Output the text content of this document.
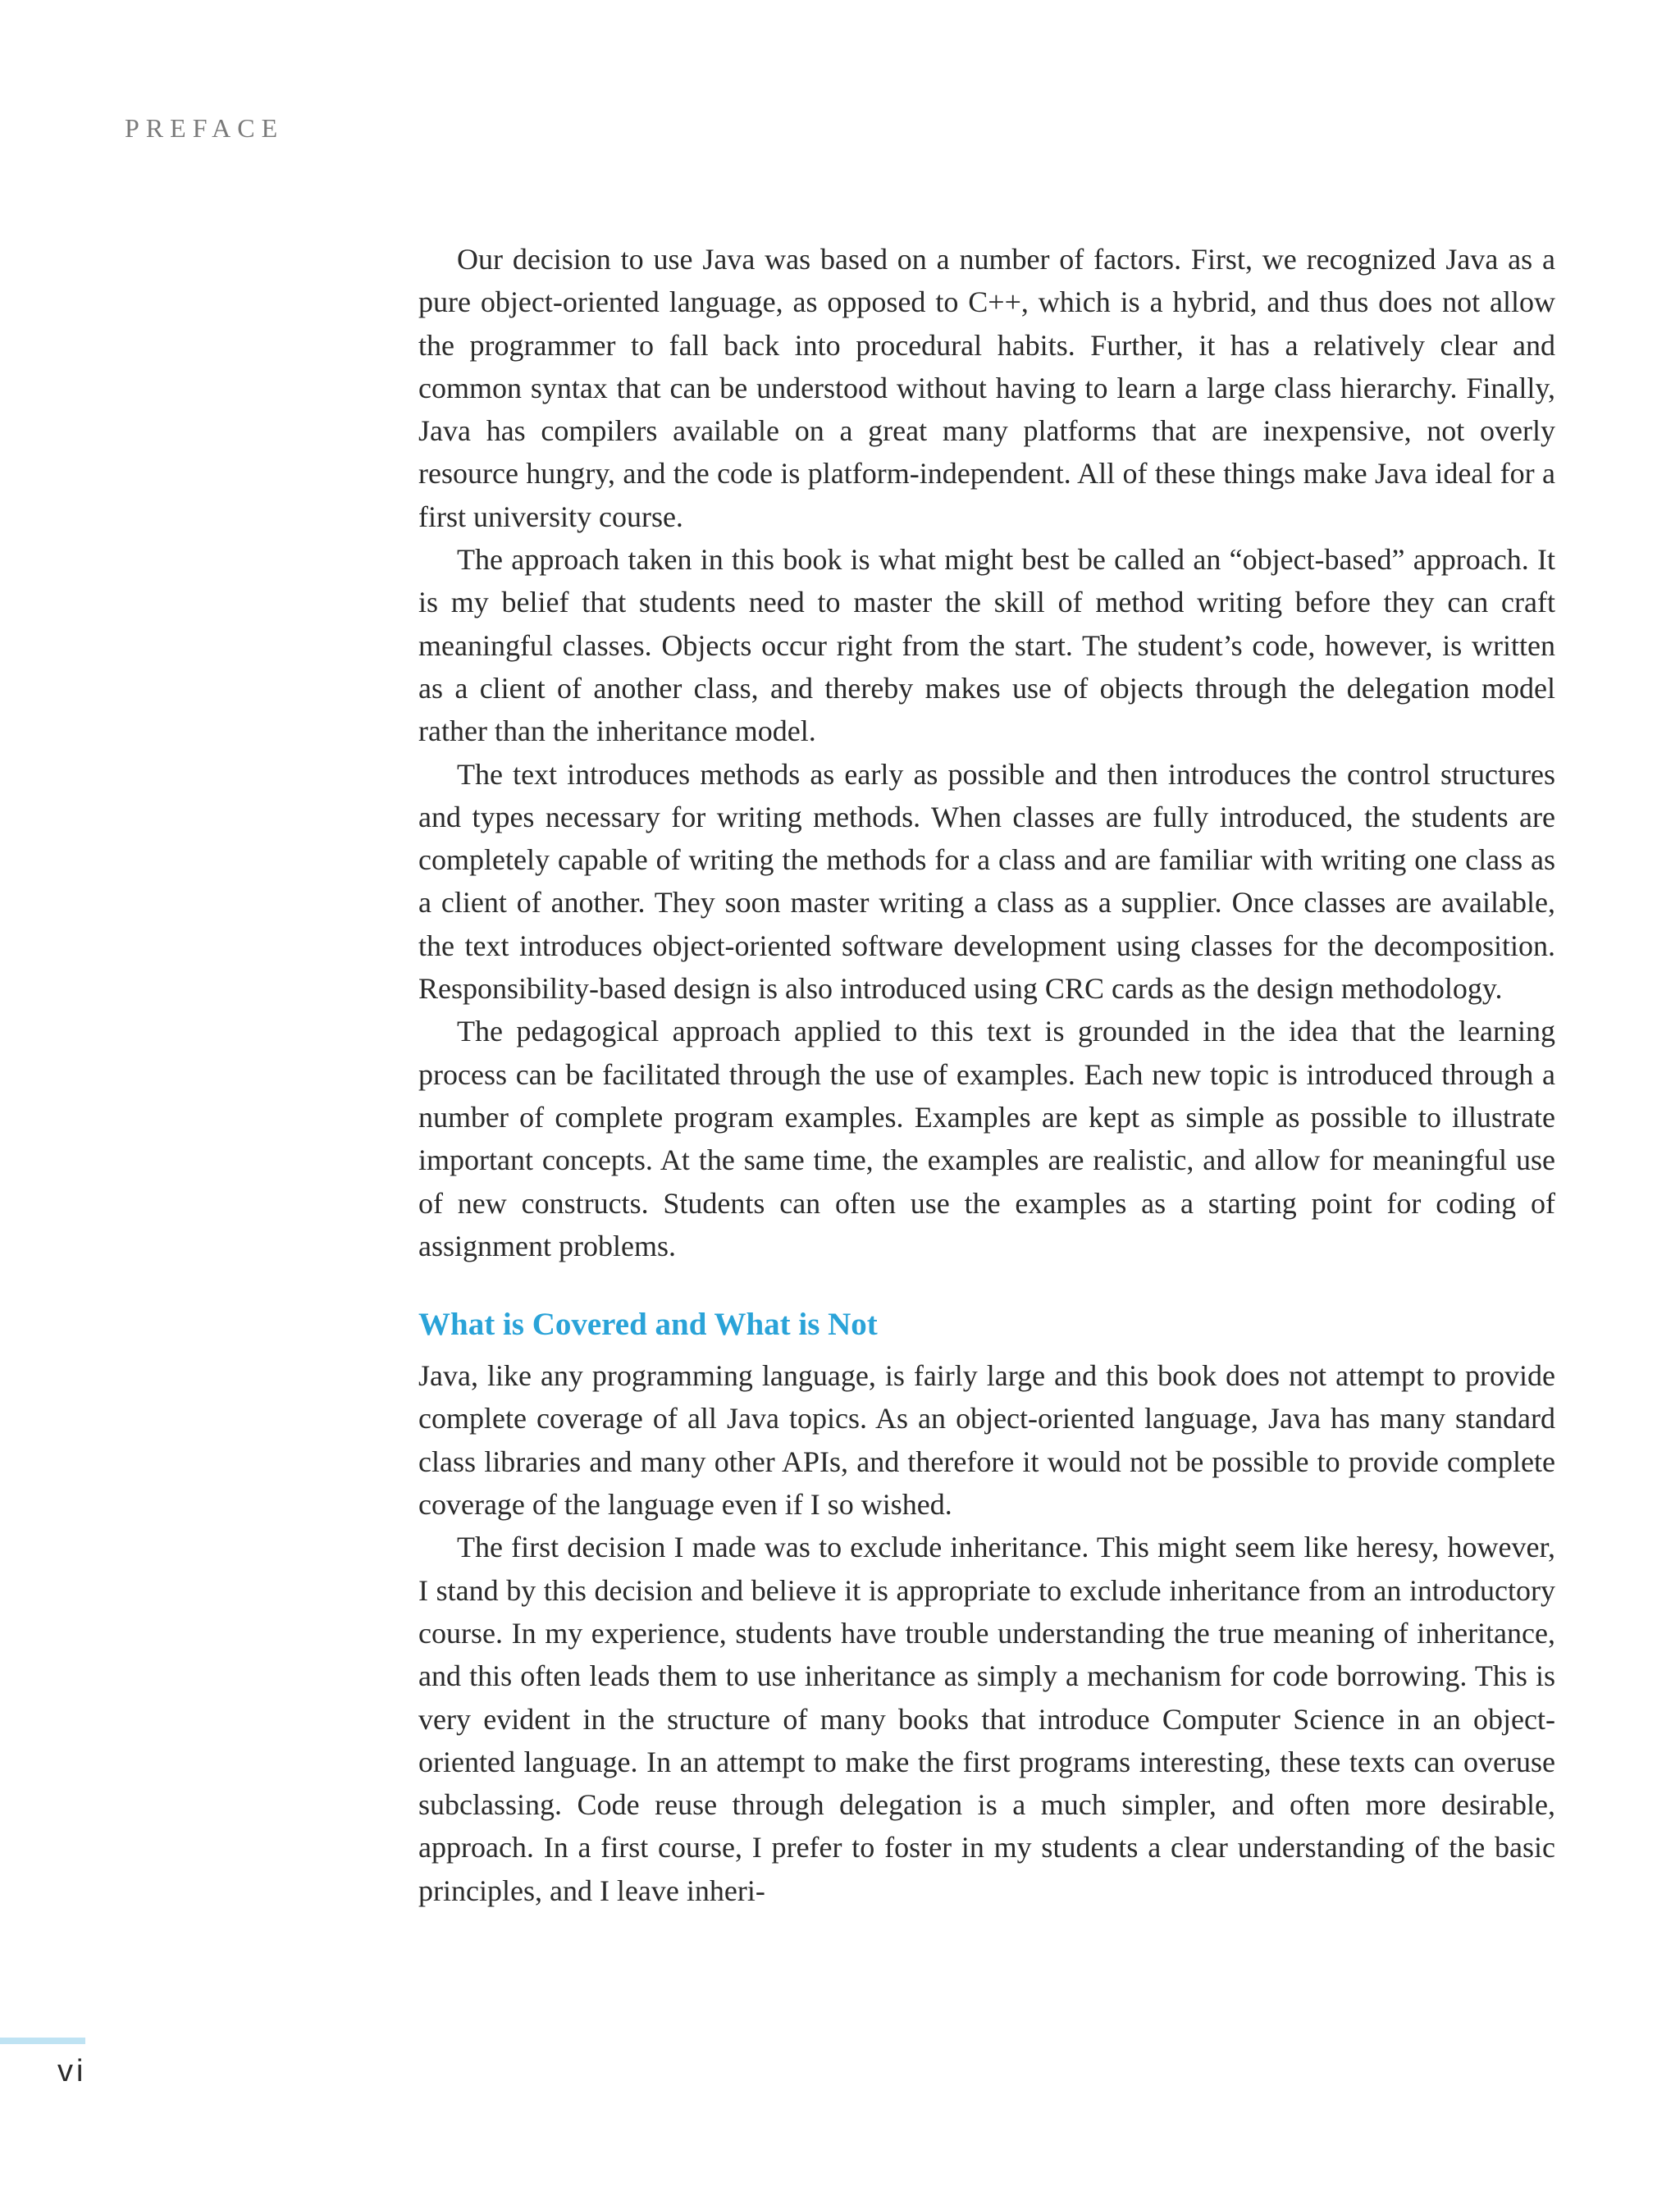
PREFACE

Our decision to use Java was based on a number of factors. First, we recognized Java as a pure object-oriented language, as opposed to C++, which is a hybrid, and thus does not allow the programmer to fall back into procedural habits. Further, it has a relatively clear and common syntax that can be understood without having to learn a large class hierarchy. Finally, Java has compilers available on a great many platforms that are inexpensive, not overly resource hungry, and the code is platform-independent. All of these things make Java ideal for a first university course.

The approach taken in this book is what might best be called an “object-based” approach. It is my belief that students need to master the skill of method writing before they can craft meaningful classes. Objects occur right from the start. The student’s code, however, is written as a client of another class, and thereby makes use of objects through the delegation model rather than the inheritance model.

The text introduces methods as early as possible and then introduces the control structures and types necessary for writing methods. When classes are fully introduced, the students are completely capable of writing the methods for a class and are familiar with writing one class as a client of another. They soon master writing a class as a supplier. Once classes are available, the text introduces object-oriented software development using classes for the decomposition. Responsibility-based design is also introduced using CRC cards as the design methodology.

The pedagogical approach applied to this text is grounded in the idea that the learning process can be facilitated through the use of examples. Each new topic is introduced through a number of complete program examples. Examples are kept as simple as possible to illustrate important concepts. At the same time, the examples are realistic, and allow for meaningful use of new constructs. Students can often use the examples as a starting point for coding of assignment problems.

What is Covered and What is Not

Java, like any programming language, is fairly large and this book does not attempt to provide complete coverage of all Java topics. As an object-oriented language, Java has many standard class libraries and many other APIs, and therefore it would not be possible to provide complete coverage of the language even if I so wished.

The first decision I made was to exclude inheritance. This might seem like heresy, however, I stand by this decision and believe it is appropriate to exclude inheritance from an introductory course. In my experience, students have trouble understanding the true meaning of inheritance, and this often leads them to use inheritance as simply a mechanism for code borrowing. This is very evident in the structure of many books that introduce Computer Science in an object-oriented language. In an attempt to make the first programs interesting, these texts can overuse subclassing. Code reuse through delegation is a much simpler, and often more desirable, approach. In a first course, I prefer to foster in my students a clear understanding of the basic principles, and I leave inheri-

vi
